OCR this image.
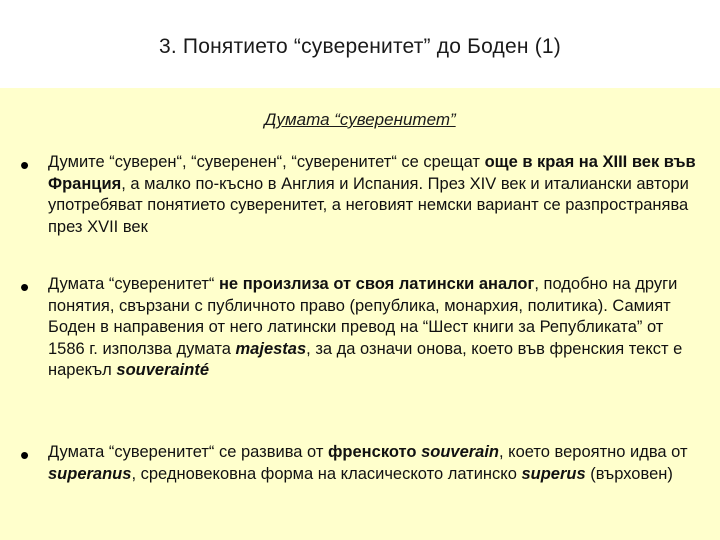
3. Понятието “суверенитет” до Боден (1)
Думата “суверенитет”
•	Думите “суверен“, “суверенен“, “суверенитет“ се срещат още в края на XIII век във Франция, а малко по-късно в Англия и Испания. През XIV век и италиански автори употребяват понятието суверенитет, а неговият немски вариант се разпространява през XVII век
•	Думата “суверенитет“ не произлиза от своя латински аналог, подобно на други понятия, свързани с публичното право (република, монархия, политика). Самият Боден в направения от него латински превод на “Шест книги за Републиката” от 1586 г. използва думата majestas, за да означи онова, което във френския текст е нарекъл souverainté
•	Думата “суверенитет“ се развива от френското souverain, което вероятно идва от superanus, средновековна форма на класическото латинско superus (върховен)
